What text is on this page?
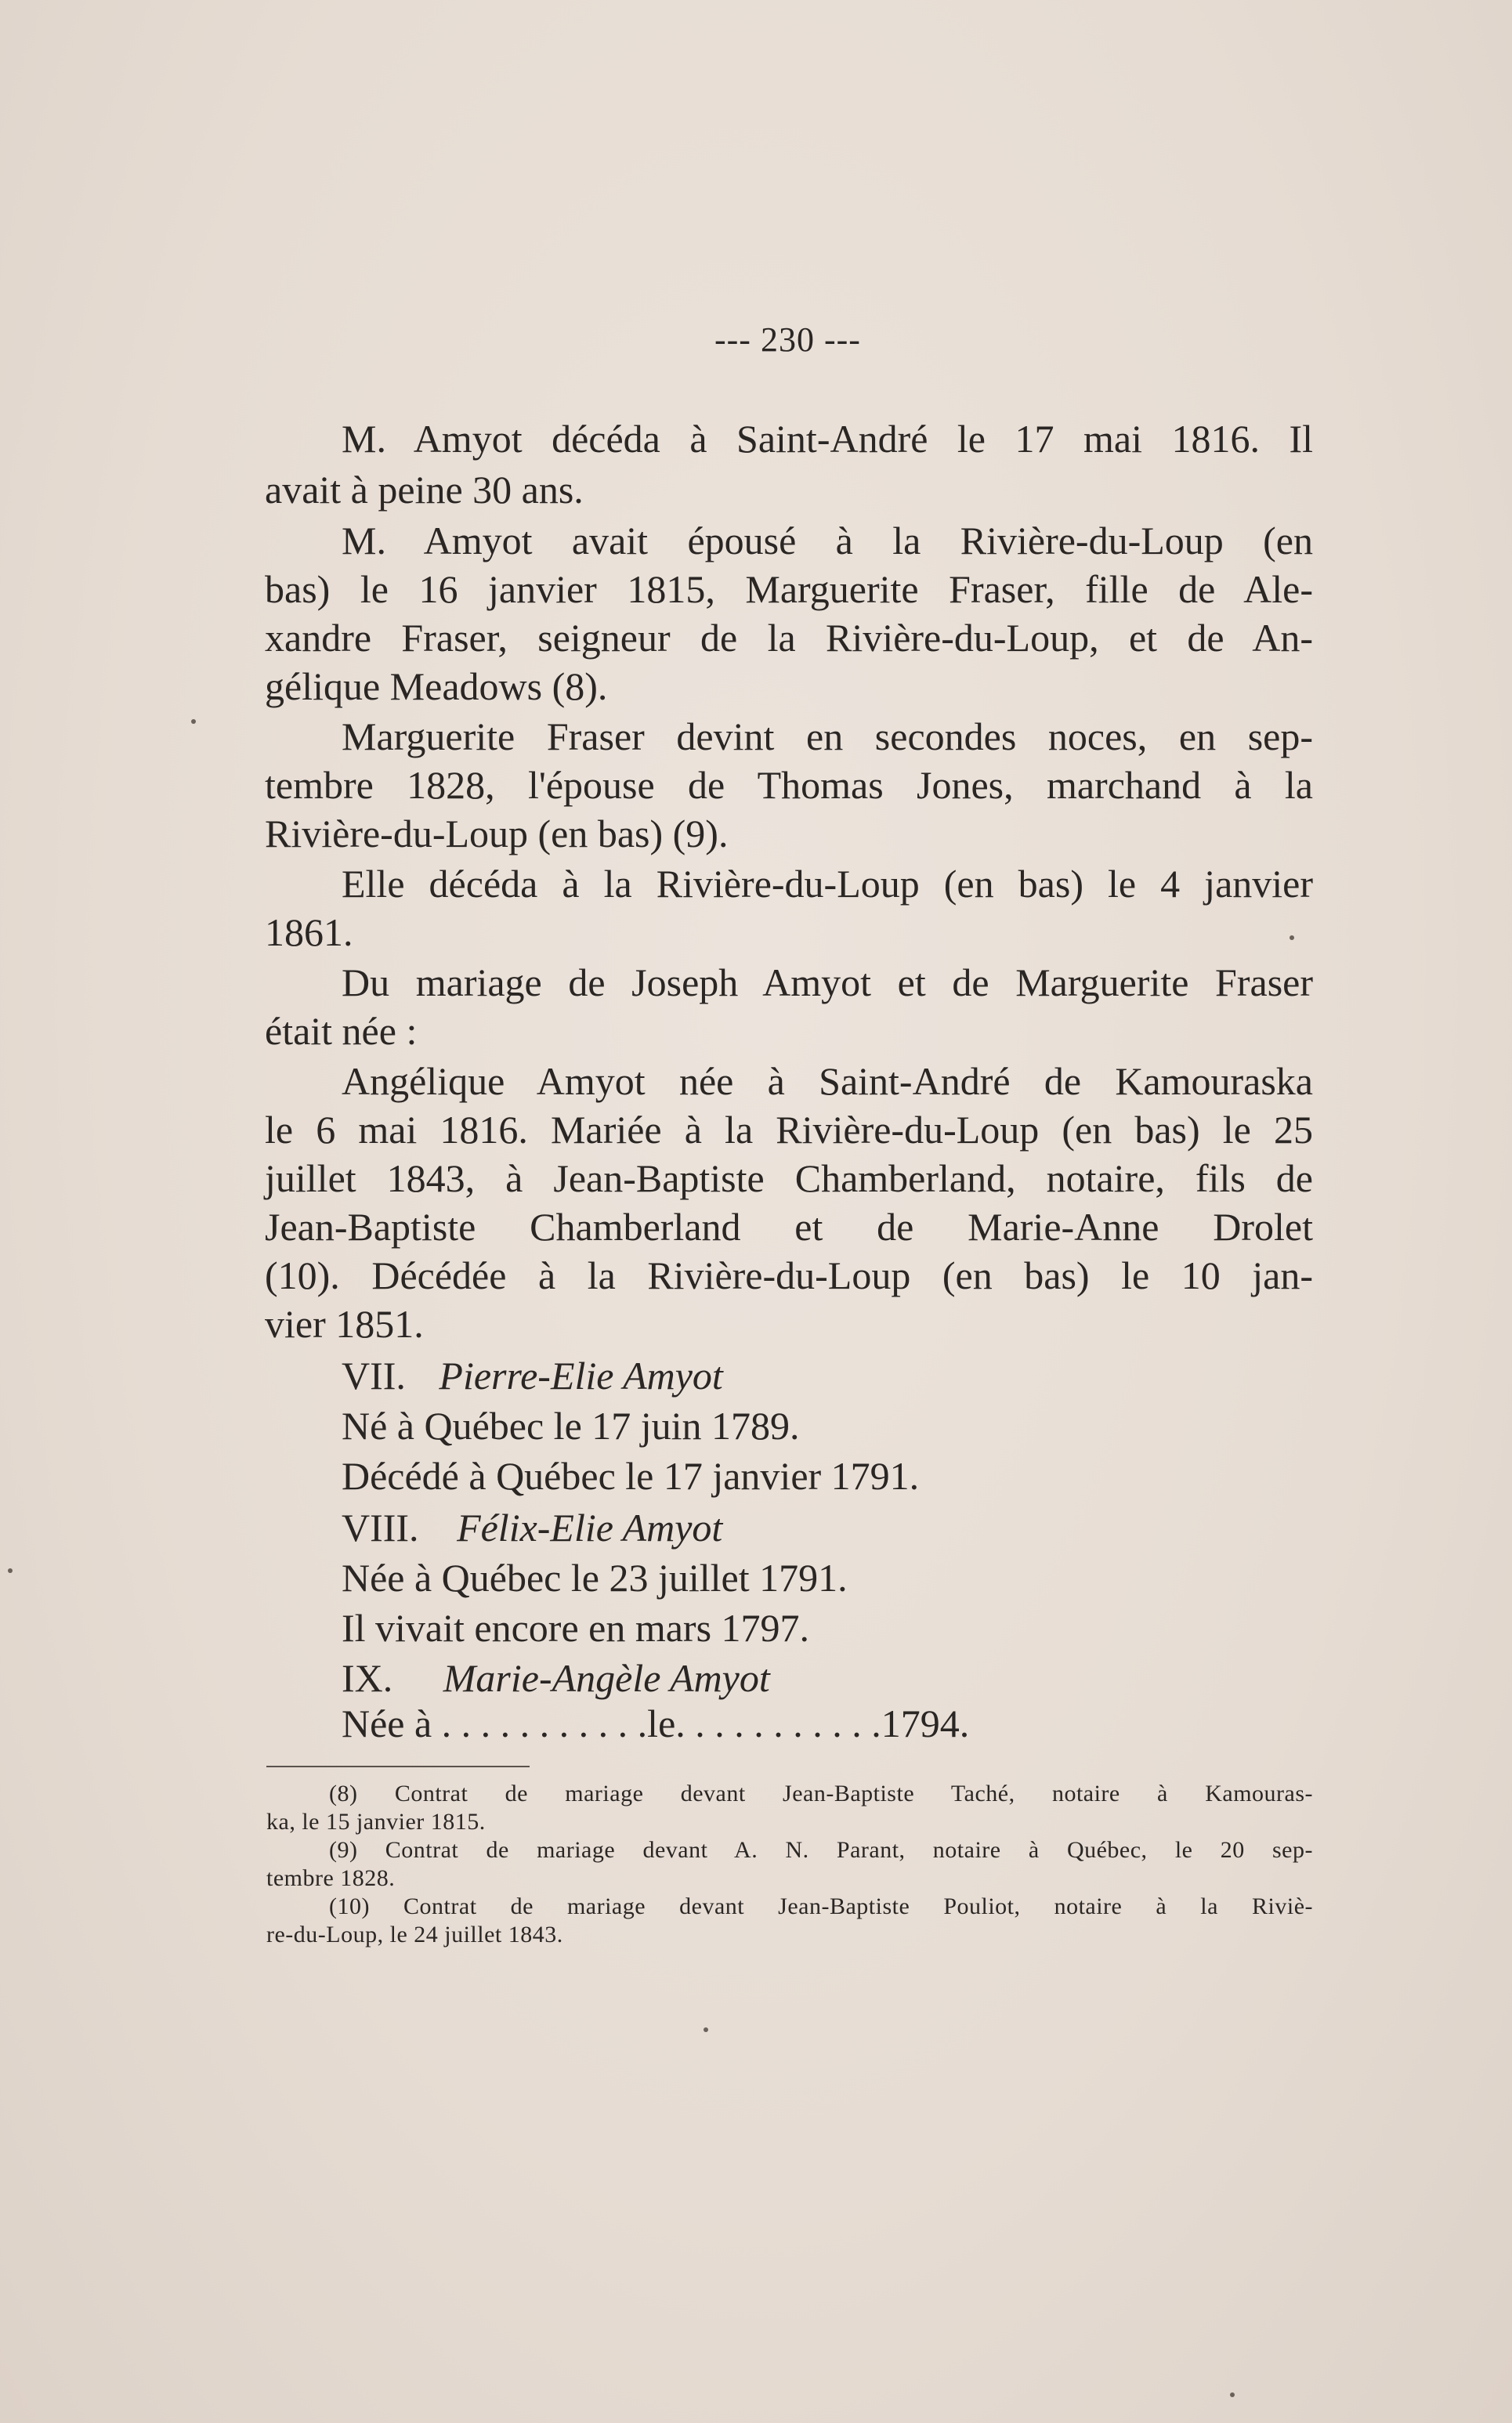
--- 230 ---
M. Amyot décéda à Saint-André le 17 mai 1816. Il
avait à peine 30 ans.
M. Amyot avait épousé à la Rivière-du-Loup (en
bas) le 16 janvier 1815, Marguerite Fraser, fille de Ale-
xandre Fraser, seigneur de la Rivière-du-Loup, et de An-
gélique Meadows (8).
Marguerite Fraser devint en secondes noces, en sep-
tembre 1828, l'épouse de Thomas Jones, marchand à la
Rivière-du-Loup (en bas) (9).
Elle décéda à la Rivière-du-Loup (en bas) le 4 janvier
1861.
Du mariage de Joseph Amyot et de Marguerite Fraser
était née :
Angélique Amyot née à Saint-André de Kamouraska
le 6 mai 1816. Mariée à la Rivière-du-Loup (en bas) le 25
juillet 1843, à Jean-Baptiste Chamberland, notaire, fils de
Jean-Baptiste Chamberland et de Marie-Anne Drolet
(10). Décédée à la Rivière-du-Loup (en bas) le 10 jan-
vier 1851.
VII. Pierre-Elie Amyot
Né à Québec le 17 juin 1789.
Décédé à Québec le 17 janvier 1791.
VIII. Félix-Elie Amyot
Née à Québec le 23 juillet 1791.
Il vivait encore en mars 1797.
IX. Marie-Angèle Amyot
Née à . . . . . . . . . . .le. . . . . . . . . . .1794.
(8) Contrat de mariage devant Jean-Baptiste Taché, notaire à Kamouras-
ka, le 15 janvier 1815.
(9) Contrat de mariage devant A. N. Parant, notaire à Québec, le 20 sep-
tembre 1828.
(10) Contrat de mariage devant Jean-Baptiste Pouliot, notaire à la Riviè-
re-du-Loup, le 24 juillet 1843.
